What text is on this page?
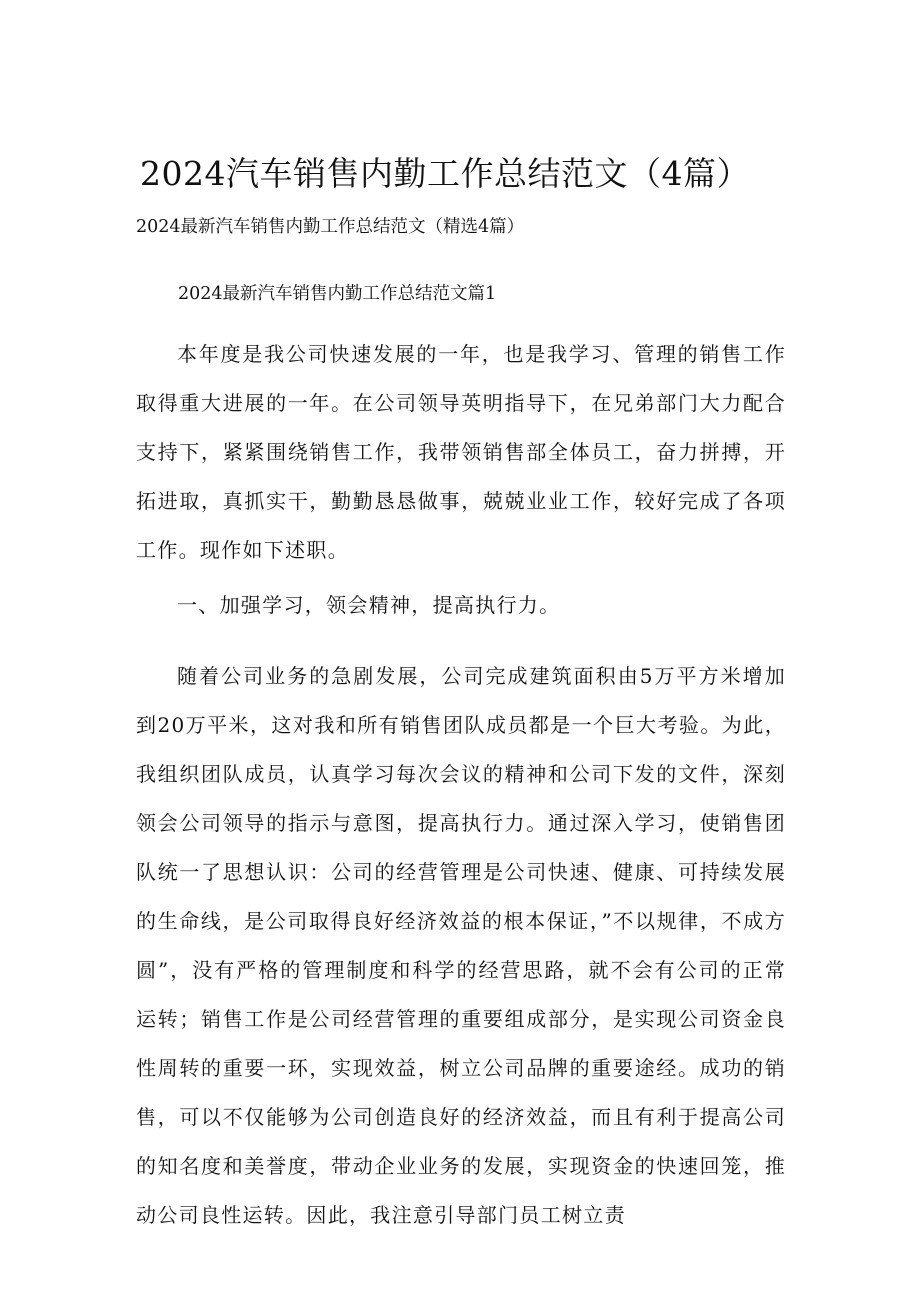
2024汽车销售内勤工作总结范文（4篇）

2024最新汽车销售内勤工作总结范文（精选4篇）

2024最新汽车销售内勤工作总结范文篇1

本年度是我公司快速发展的一年，也是我学习、管理的销售工作取得重大进展的一年。在公司领导英明指导下，在兄弟部门大力配合支持下，紧紧围绕销售工作，我带领销售部全体员工，奋力拼搏，开拓进取，真抓实干，勤勤恳恳做事，兢兢业业工作，较好完成了各项工作。现作如下述职。

一、加强学习，领会精神，提高执行力。

随着公司业务的急剧发展，公司完成建筑面积由5万平方米增加到20万平米，这对我和所有销售团队成员都是一个巨大考验。为此，我组织团队成员，认真学习每次会议的精神和公司下发的文件，深刻领会公司领导的指示与意图，提高执行力。通过深入学习，使销售团队统一了思想认识：公司的经营管理是公司快速、健康、可持续发展的生命线，是公司取得良好经济效益的根本保证，”不以规律，不成方圆”，没有严格的管理制度和科学的经营思路，就不会有公司的正常运转；销售工作是公司经营管理的重要组成部分，是实现公司资金良性周转的重要一环，实现效益，树立公司品牌的重要途经。成功的销售，可以不仅能够为公司创造良好的经济效益，而且有利于提高公司的知名度和美誉度，带动企业业务的发展，实现资金的快速回笼，推动公司良性运转。因此，我注意引导部门员工树立责
